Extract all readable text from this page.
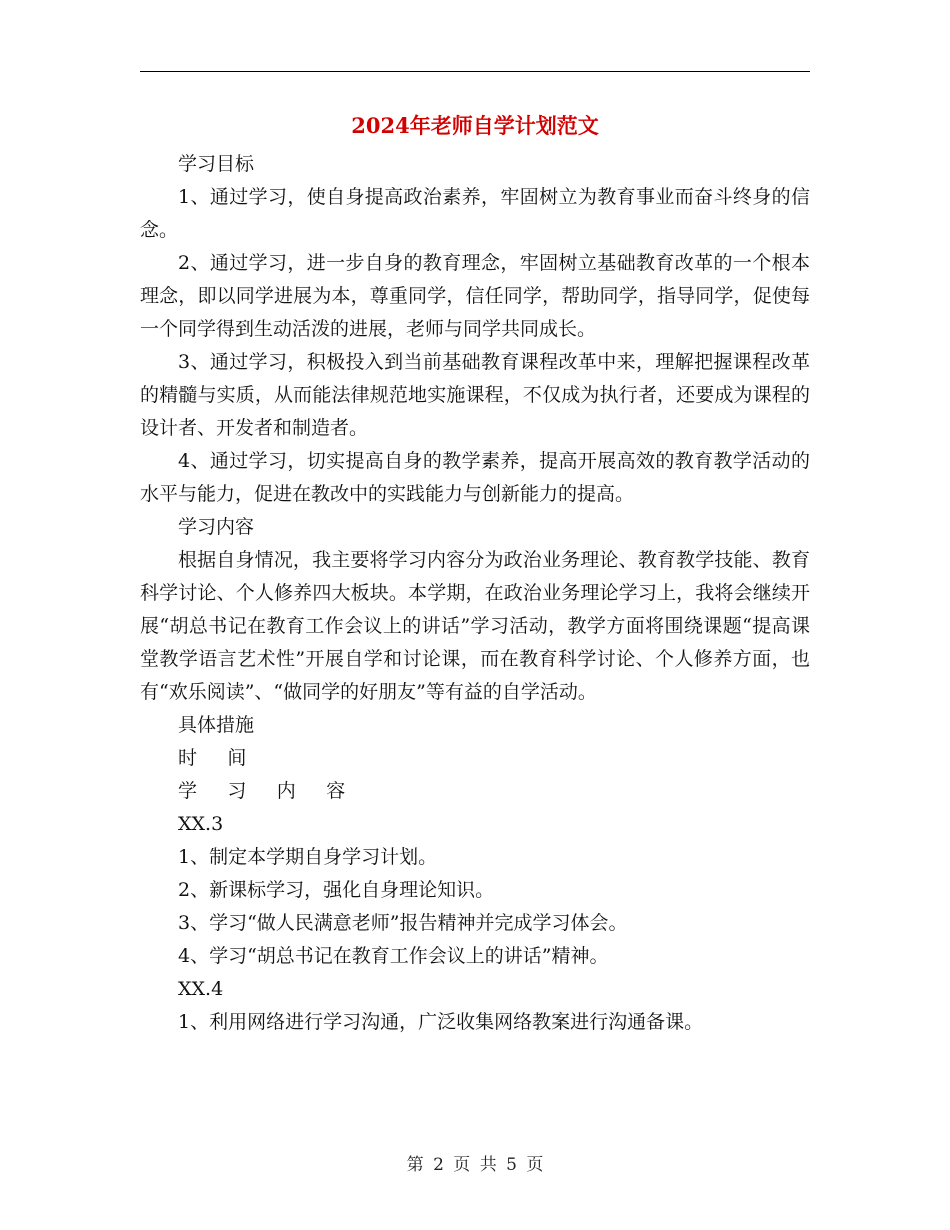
2024年老师自学计划范文

学习目标

1、通过学习，使自身提高政治素养，牢固树立为教育事业而奋斗终身的信念。

2、通过学习，进一步自身的教育理念，牢固树立基础教育改革的一个根本理念，即以同学进展为本，尊重同学，信任同学，帮助同学，指导同学，促使每一个同学得到生动活泼的进展，老师与同学共同成长。

3、通过学习，积极投入到当前基础教育课程改革中来，理解把握课程改革的精髓与实质，从而能法律规范地实施课程，不仅成为执行者，还要成为课程的设计者、开发者和制造者。

4、通过学习，切实提高自身的教学素养，提高开展高效的教育教学活动的水平与能力，促进在教改中的实践能力与创新能力的提高。

学习内容

根据自身情况，我主要将学习内容分为政治业务理论、教育教学技能、教育科学讨论、个人修养四大板块。本学期，在政治业务理论学习上，我将会继续开展“胡总书记在教育工作会议上的讲话”学习活动，教学方面将围绕课题“提高课堂教学语言艺术性”开展自学和讨论课，而在教育科学讨论、个人修养方面，也有“欢乐阅读”、“做同学的好朋友”等有益的自学活动。

具体措施

时间

学习内容

XX.3

1、制定本学期自身学习计划。

2、新课标学习，强化自身理论知识。

3、学习“做人民满意老师”报告精神并完成学习体会。

4、学习“胡总书记在教育工作会议上的讲话”精神。

XX.4

1、利用网络进行学习沟通，广泛收集网络教案进行沟通备课。

第 2 页 共 5 页
